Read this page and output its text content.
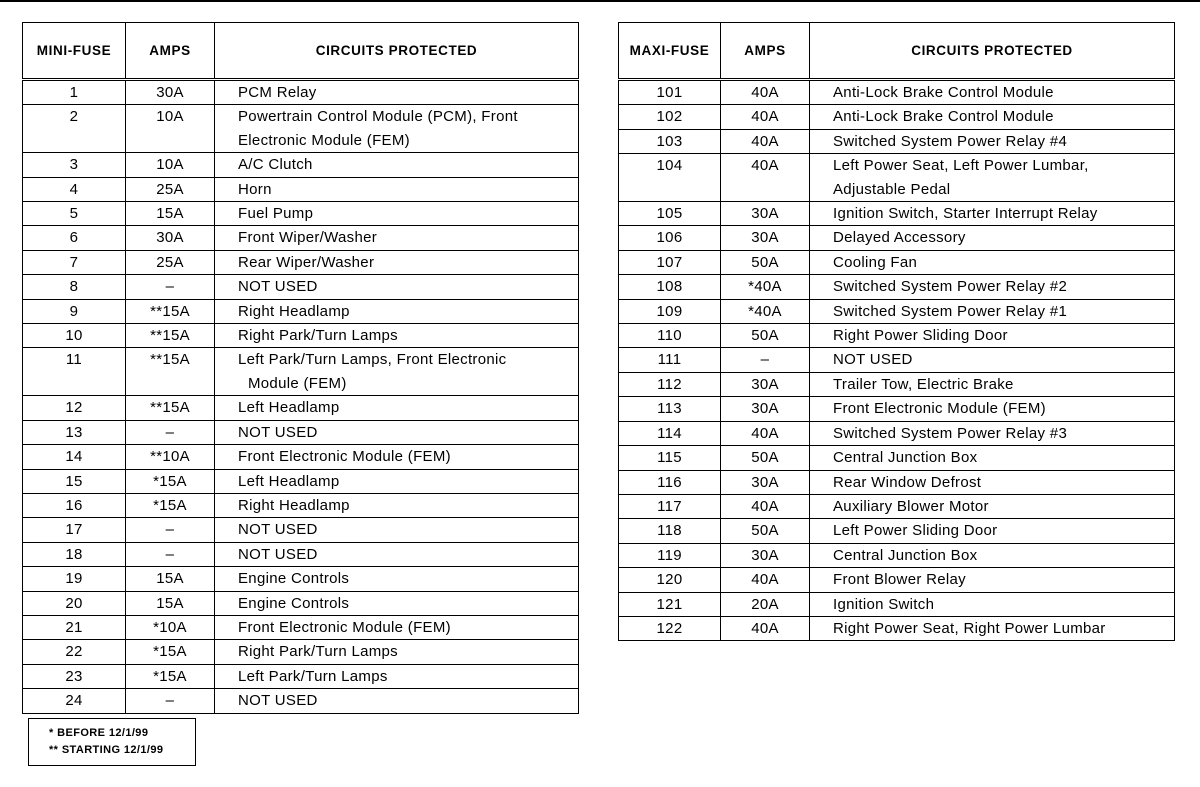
MINI-FUSE	AMPS	CIRCUITS PROTECTED
1	30A	PCM Relay

2	10A	Powertrain Control Module (PCM), Front
Electronic Module (FEM)

3	10A	A/C Clutch

4	25A	Horn

5	15A	Fuel Pump

6	30A	Front Wiper/Washer

7	25A	Rear Wiper/Washer

8	–	NOT USED

9	**15A	Right Headlamp

10	**15A	Right Park/Turn Lamps

11	**15A	Left Park/Turn Lamps, Front Electronic
Module (FEM)

12	**15A	Left Headlamp

13	–	NOT USED

14	**10A	Front Electronic Module (FEM)

15	*15A	Left Headlamp

16	*15A	Right Headlamp

17	–	NOT USED

18	–	NOT USED

19	15A	Engine Controls

20	15A	Engine Controls

21	*10A	Front Electronic Module (FEM)

22	*15A	Right Park/Turn Lamps

23	*15A	Left Park/Turn Lamps

24	–	NOT USED
MAXI-FUSE	AMPS	CIRCUITS PROTECTED
101	40A	Anti-Lock Brake Control Module

102	40A	Anti-Lock Brake Control Module

103	40A	Switched System Power Relay #4

104	40A	Left Power Seat, Left Power Lumbar,
Adjustable Pedal

105	30A	Ignition Switch, Starter Interrupt Relay

106	30A	Delayed Accessory

107	50A	Cooling Fan

108	*40A	Switched System Power Relay #2

109	*40A	Switched System Power Relay #1

110	50A	Right Power Sliding Door

111	–	NOT USED

112	30A	Trailer Tow, Electric Brake

113	30A	Front Electronic Module (FEM)

114	40A	Switched System Power Relay #3

115	50A	Central Junction Box

116	30A	Rear Window Defrost

117	40A	Auxiliary Blower Motor

118	50A	Left Power Sliding Door

119	30A	Central Junction Box

120	40A	Front Blower Relay

121	20A	Ignition Switch

122	40A	Right Power Seat, Right Power Lumbar
* BEFORE 12/1/99
** STARTING 12/1/99
